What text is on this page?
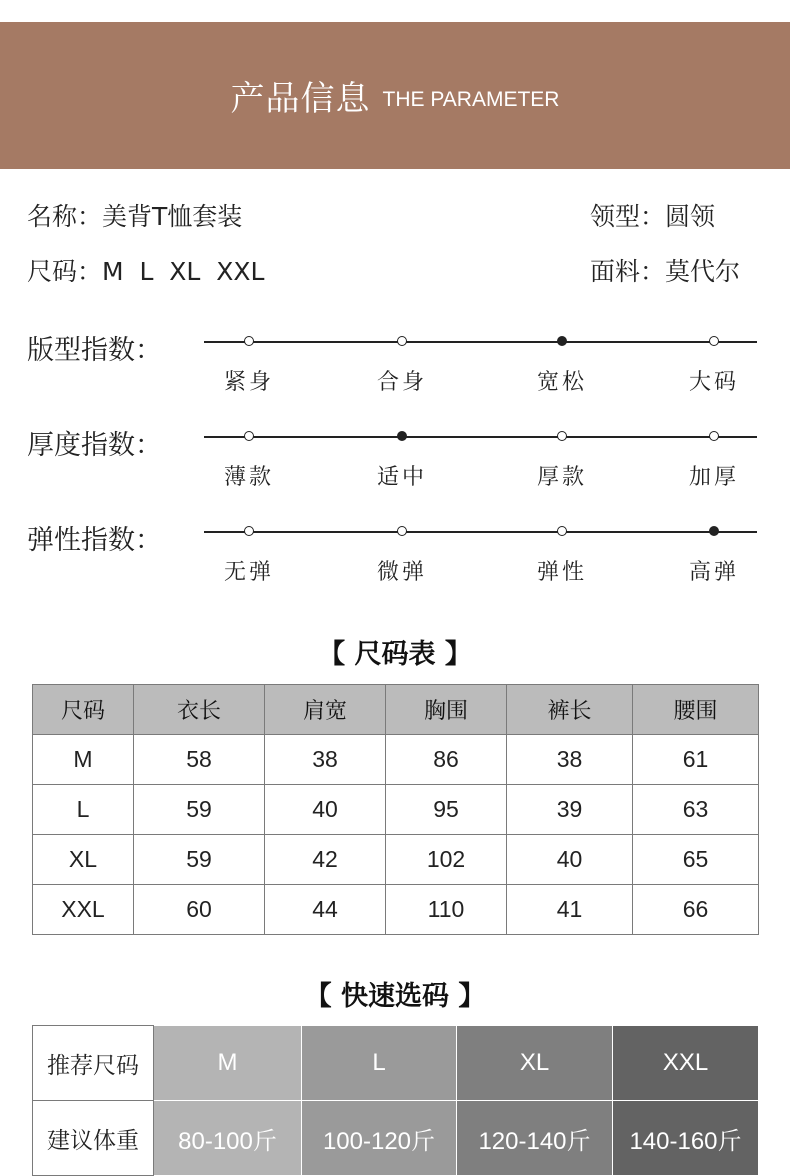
产品信息 THE PARAMETER
名称：美背T恤套装	领型：圆领
尺码：M  L  XL  XXL	面料：莫代尔
版型指数：
紧身	合身	宽松	大码
厚度指数：
薄款	适中	厚款	加厚
弹性指数：
无弹	微弹	弹性	高弹
【 尺码表 】
尺码	衣长	肩宽	胸围	裤长	腰围
M	58	38	86	38	61
L	59	40	95	39	63
XL	59	42	102	40	65
XXL	60	44	110	41	66
【 快速选码 】
推荐尺码	M	L	XL	XXL
建议体重	80-100斤	100-120斤	120-140斤	140-160斤
